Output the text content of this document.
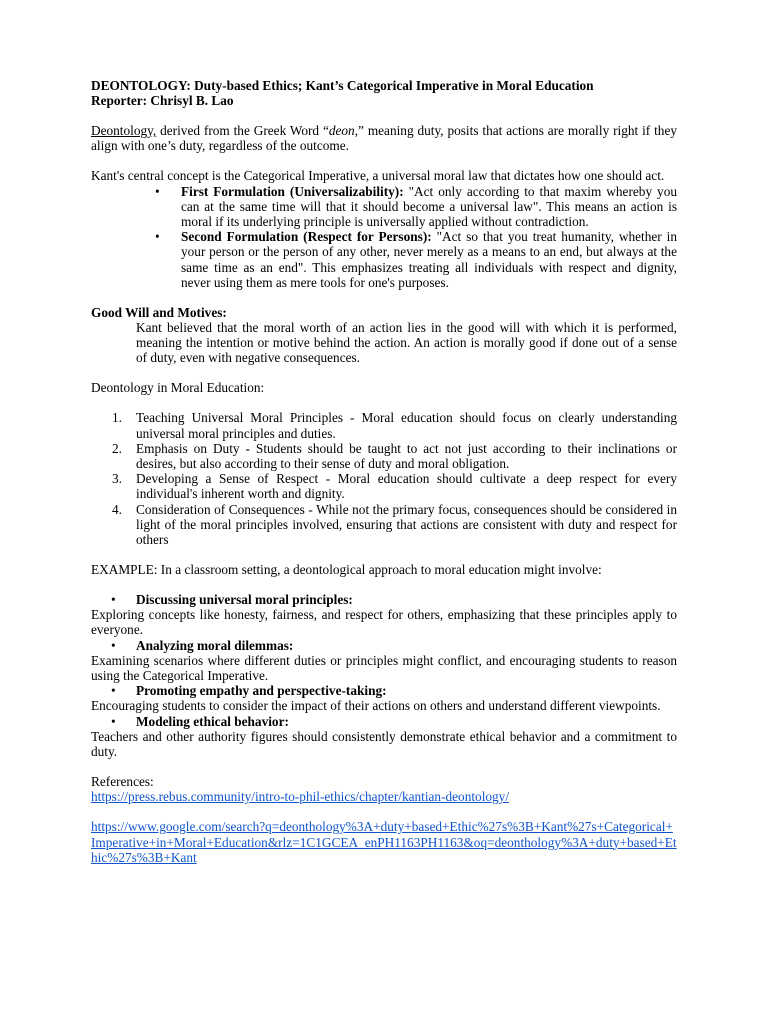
DEONTOLOGY: Duty-based Ethics; Kant’s Categorical Imperative in Moral Education

Reporter: Chrisyl B. Lao

Deontology, derived from the Greek Word “deon,” meaning duty, posits that actions are morally right if they align with one’s duty, regardless of the outcome.

Kant's central concept is the Categorical Imperative, a universal moral law that dictates how one should act.

• First Formulation (Universalizability): "Act only according to that maxim whereby you can at the same time will that it should become a universal law". This means an action is moral if its underlying principle is universally applied without contradiction.
• Second Formulation (Respect for Persons): "Act so that you treat humanity, whether in your person or the person of any other, never merely as a means to an end, but always at the same time as an end". This emphasizes treating all individuals with respect and dignity, never using them as mere tools for one's purposes.

Good Will and Motives:

Kant believed that the moral worth of an action lies in the good will with which it is performed, meaning the intention or motive behind the action. An action is morally good if done out of a sense of duty, even with negative consequences.

Deontology in Moral Education:

1. Teaching Universal Moral Principles - Moral education should focus on clearly understanding universal moral principles and duties.
2. Emphasis on Duty - Students should be taught to act not just according to their inclinations or desires, but also according to their sense of duty and moral obligation.
3. Developing a Sense of Respect - Moral education should cultivate a deep respect for every individual's inherent worth and dignity.
4. Consideration of Consequences - While not the primary focus, consequences should be considered in light of the moral principles involved, ensuring that actions are consistent with duty and respect for others

EXAMPLE: In a classroom setting, a deontological approach to moral education might involve:

• Discussing universal moral principles:

Exploring concepts like honesty, fairness, and respect for others, emphasizing that these principles apply to everyone.

• Analyzing moral dilemmas:

Examining scenarios where different duties or principles might conflict, and encouraging students to reason using the Categorical Imperative.

• Promoting empathy and perspective-taking:

Encouraging students to consider the impact of their actions on others and understand different viewpoints.

• Modeling ethical behavior:

Teachers and other authority figures should consistently demonstrate ethical behavior and a commitment to duty.

References:

https://press.rebus.community/intro-to-phil-ethics/chapter/kantian-deontology/

https://www.google.com/search?q=deonthology%3A+duty+based+Ethic%27s%3B+Kant%27s+Categorical+Imperative+in+Moral+Education&rlz=1C1GCEA_enPH1163PH1163&oq=deonthology%3A+duty+based+Ethic%27s%3B+Kant
